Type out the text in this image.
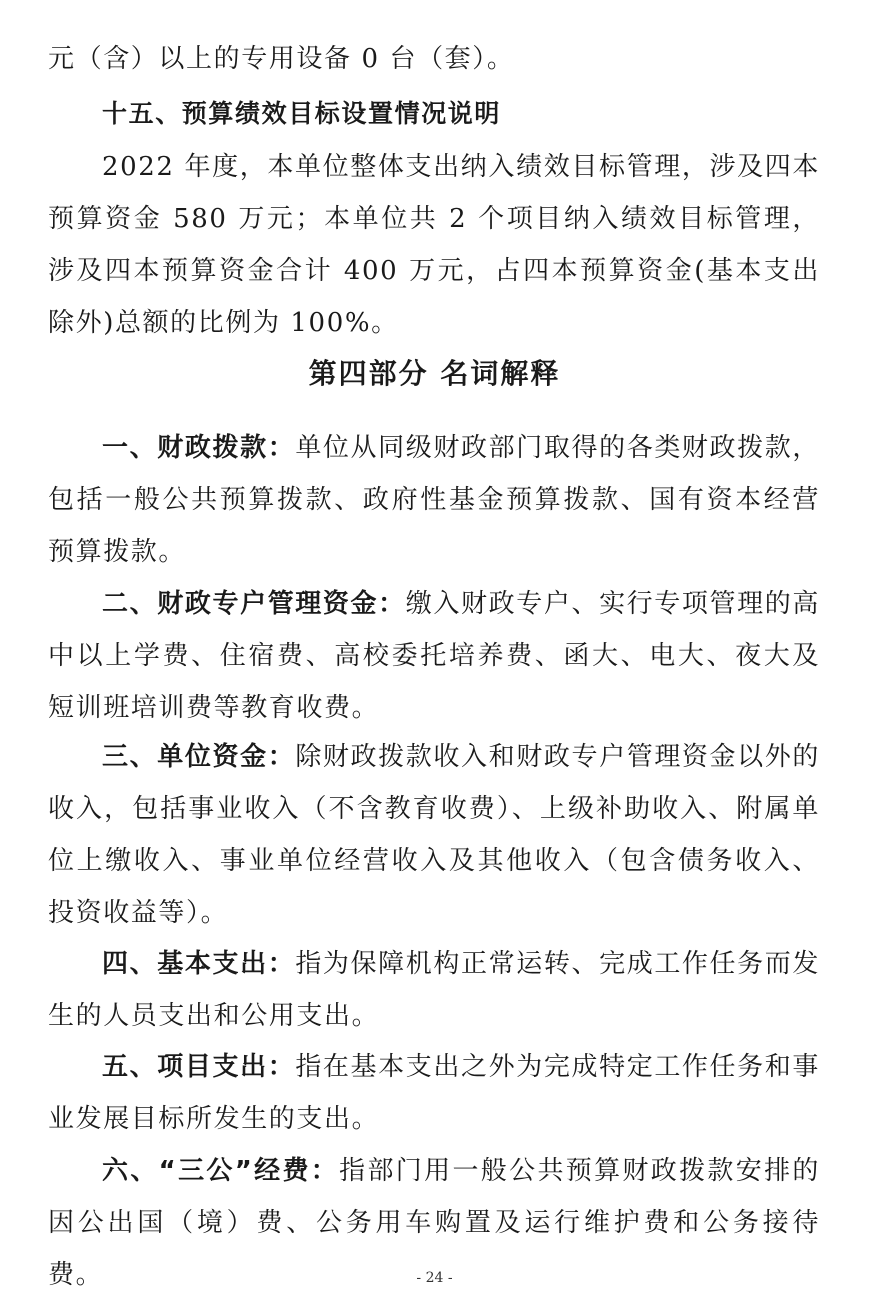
元（含）以上的专用设备 0 台（套）。

十五、预算绩效目标设置情况说明

2022 年度，本单位整体支出纳入绩效目标管理，涉及四本预算资金 580 万元；本单位共 2 个项目纳入绩效目标管理，涉及四本预算资金合计 400 万元，占四本预算资金(基本支出除外)总额的比例为 100%。

第四部分 名词解释

一、财政拨款：单位从同级财政部门取得的各类财政拨款，包括一般公共预算拨款、政府性基金预算拨款、国有资本经营预算拨款。

二、财政专户管理资金：缴入财政专户、实行专项管理的高中以上学费、住宿费、高校委托培养费、函大、电大、夜大及短训班培训费等教育收费。

三、单位资金：除财政拨款收入和财政专户管理资金以外的收入，包括事业收入（不含教育收费）、上级补助收入、附属单位上缴收入、事业单位经营收入及其他收入（包含债务收入、投资收益等）。

四、基本支出：指为保障机构正常运转、完成工作任务而发生的人员支出和公用支出。

五、项目支出：指在基本支出之外为完成特定工作任务和事业发展目标所发生的支出。

六、“三公”经费：指部门用一般公共预算财政拨款安排的因公出国（境）费、公务用车购置及运行维护费和公务接待费。	- 24 -
